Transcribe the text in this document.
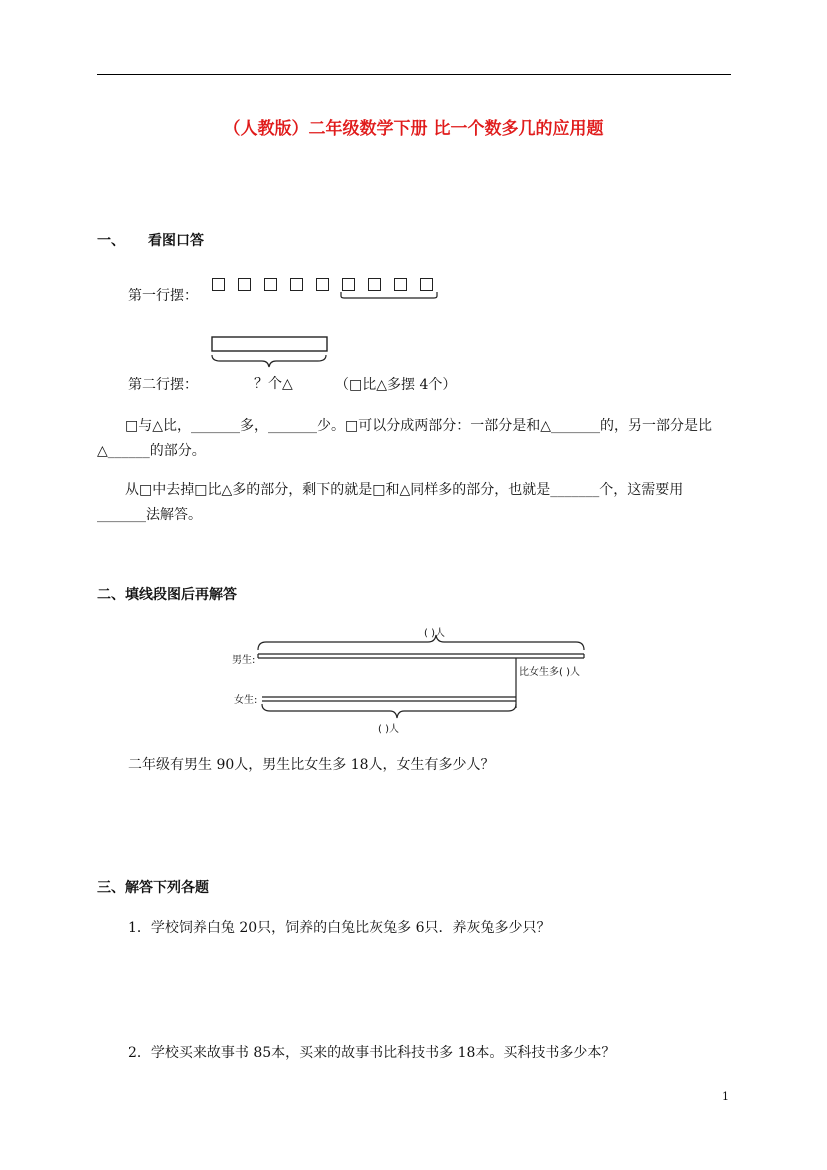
（人教版）二年级数学下册 比一个数多几的应用题
一、 看图口答
第一行摆：
第二行摆：	？个△	（□比△多摆 4个）
□与△比，_______多，_______少。□可以分成两部分：一部分是和△_______的，另一部分是比△______的部分。
从□中去掉□比△多的部分，剩下的就是□和△同样多的部分，也就是_______个，这需要用_______法解答。
二、填线段图后再解答
( )人
男生:
比女生多( )人
女生:
( )人
二年级有男生 90人，男生比女生多 18人，女生有多少人？
三、解答下列各题
1．学校饲养白兔 20只，饲养的白兔比灰兔多 6只．养灰兔多少只？
2．学校买来故事书 85本，买来的故事书比科技书多 18本。买科技书多少本？
1
